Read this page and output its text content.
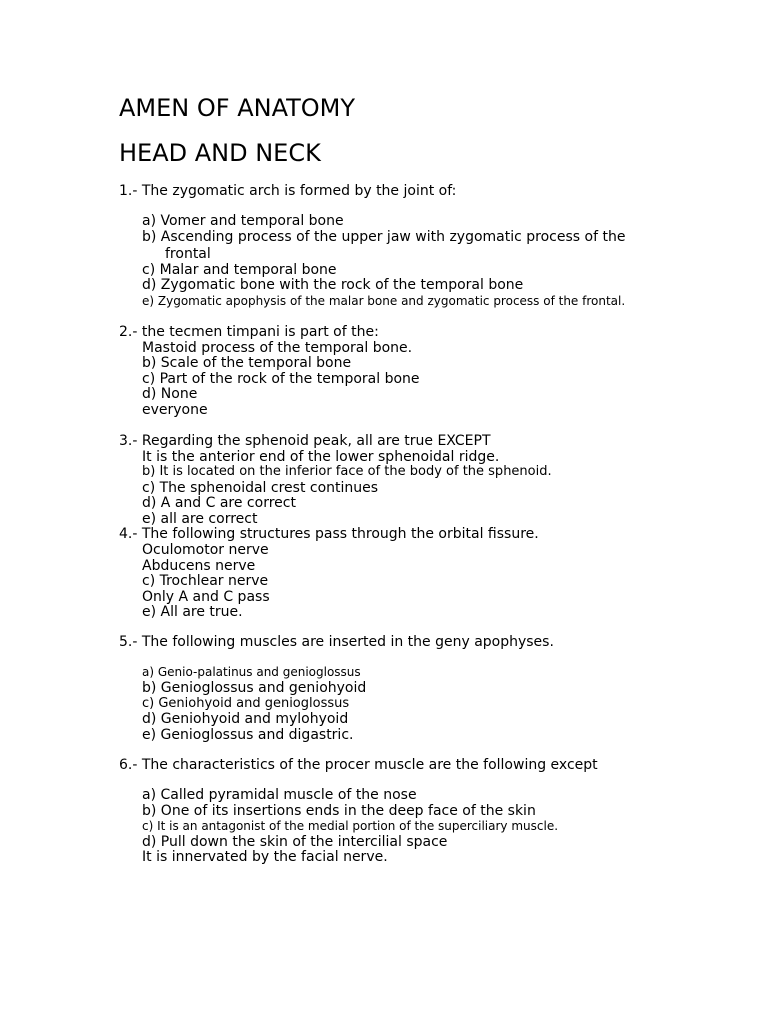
AMEN OF ANATOMY
HEAD AND NECK
1.- The zygomatic arch is formed by the joint of:
a) Vomer and temporal bone
b) Ascending process of the upper jaw with zygomatic process of the
frontal
c) Malar and temporal bone
d) Zygomatic bone with the rock of the temporal bone
e) Zygomatic apophysis of the malar bone and zygomatic process of the frontal.
2.- the tecmen timpani is part of the:
Mastoid process of the temporal bone.
b) Scale of the temporal bone
c) Part of the rock of the temporal bone
d) None
everyone
3.- Regarding the sphenoid peak, all are true EXCEPT
It is the anterior end of the lower sphenoidal ridge.
b) It is located on the inferior face of the body of the sphenoid.
c) The sphenoidal crest continues
d) A and C are correct
e) all are correct
4.- The following structures pass through the orbital fissure.
Oculomotor nerve
Abducens nerve
c) Trochlear nerve
Only A and C pass
e) All are true.
5.- The following muscles are inserted in the geny apophyses.
a) Genio-palatinus and genioglossus
b) Genioglossus and geniohyoid
c) Geniohyoid and genioglossus
d) Geniohyoid and mylohyoid
e) Genioglossus and digastric.
6.- The characteristics of the procer muscle are the following except
a) Called pyramidal muscle of the nose
b) One of its insertions ends in the deep face of the skin
c) It is an antagonist of the medial portion of the superciliary muscle.
d) Pull down the skin of the intercilial space
It is innervated by the facial nerve.
